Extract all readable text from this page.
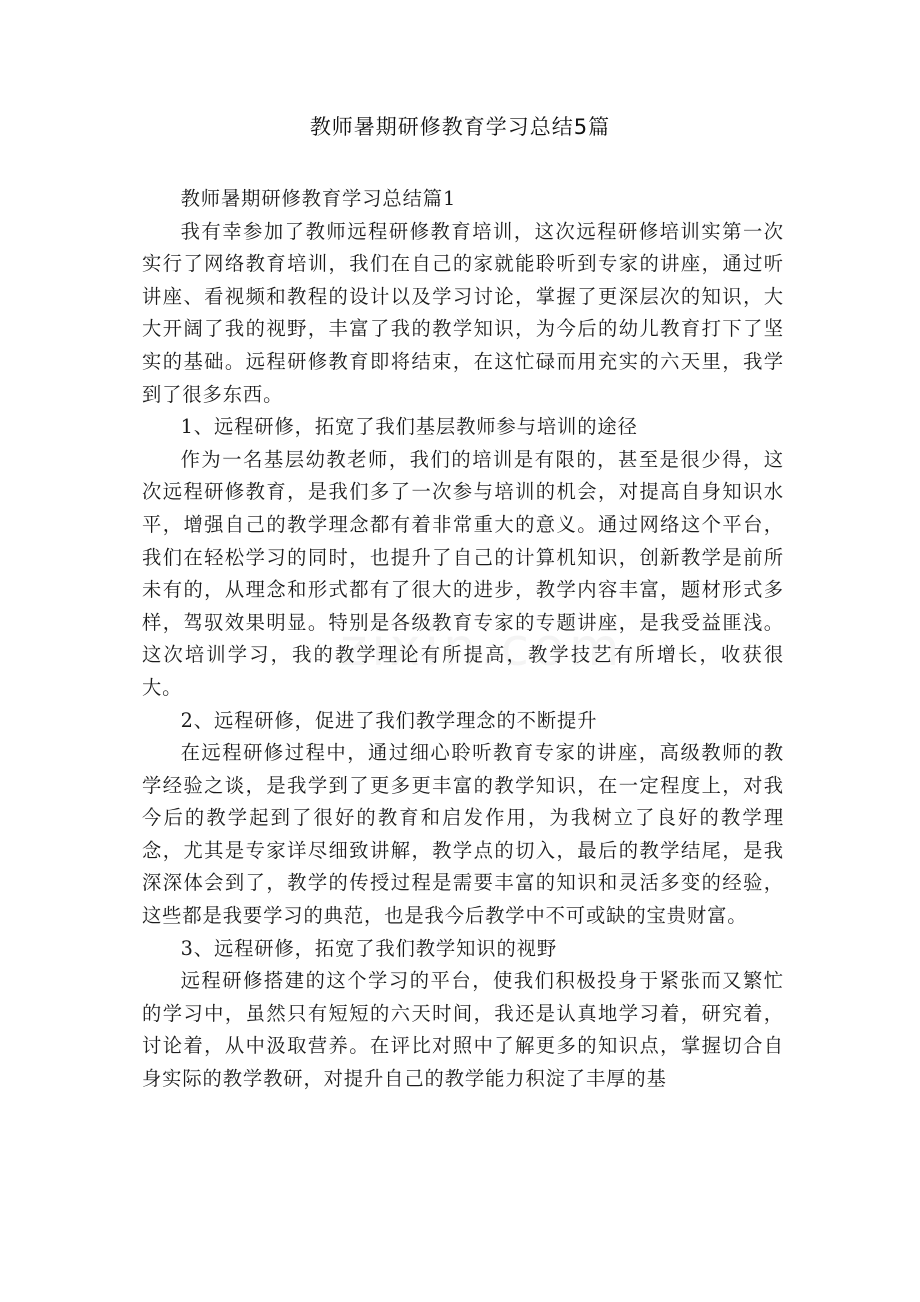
教师暑期研修教育学习总结5篇

教师暑期研修教育学习总结篇1

我有幸参加了教师远程研修教育培训，这次远程研修培训实第一次实行了网络教育培训，我们在自己的家就能聆听到专家的讲座，通过听讲座、看视频和教程的设计以及学习讨论，掌握了更深层次的知识，大大开阔了我的视野，丰富了我的教学知识，为今后的幼儿教育打下了坚实的基础。远程研修教育即将结束，在这忙碌而用充实的六天里，我学到了很多东西。

1、远程研修，拓宽了我们基层教师参与培训的途径

作为一名基层幼教老师，我们的培训是有限的，甚至是很少得，这次远程研修教育，是我们多了一次参与培训的机会，对提高自身知识水平，增强自己的教学理念都有着非常重大的意义。通过网络这个平台，我们在轻松学习的同时，也提升了自己的计算机知识，创新教学是前所未有的，从理念和形式都有了很大的进步，教学内容丰富，题材形式多样，驾驭效果明显。特别是各级教育专家的专题讲座，是我受益匪浅。这次培训学习，我的教学理论有所提高，教学技艺有所增长，收获很大。

2、远程研修，促进了我们教学理念的不断提升

在远程研修过程中，通过细心聆听教育专家的讲座，高级教师的教学经验之谈，是我学到了更多更丰富的教学知识，在一定程度上，对我今后的教学起到了很好的教育和启发作用，为我树立了良好的教学理念，尤其是专家详尽细致讲解，教学点的切入，最后的教学结尾，是我深深体会到了，教学的传授过程是需要丰富的知识和灵活多变的经验，这些都是我要学习的典范，也是我今后教学中不可或缺的宝贵财富。

3、远程研修，拓宽了我们教学知识的视野

远程研修搭建的这个学习的平台，使我们积极投身于紧张而又繁忙的学习中，虽然只有短短的六天时间，我还是认真地学习着，研究着，讨论着，从中汲取营养。在评比对照中了解更多的知识点，掌握切合自身实际的教学教研，对提升自己的教学能力积淀了丰厚的基
